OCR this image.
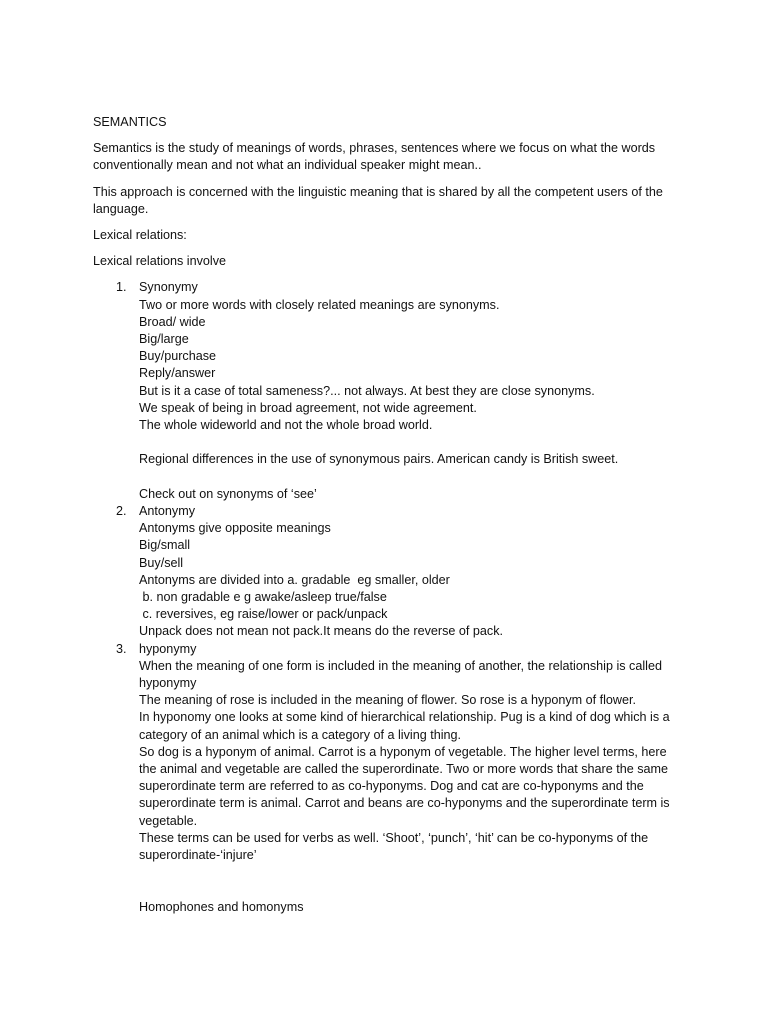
SEMANTICS

Semantics is the study of meanings of words, phrases, sentences where we focus on what the words conventionally mean and not what an individual speaker might mean..

This approach is concerned with the linguistic meaning that is shared by all the competent users of the language.

Lexical relations:

Lexical relations involve

1. Synonymy
Two or more words with closely related meanings are synonyms.
Broad/ wide
Big/large
Buy/purchase
Reply/answer
But is it a case of total sameness?... not always. At best they are close synonyms.
We speak of being in broad agreement, not wide agreement.
The whole wideworld and not the whole broad world.
Regional differences in the use of synonymous pairs. American candy is British sweet.
Check out on synonyms of ‘see’
2. Antonymy
Antonyms give opposite meanings
Big/small
Buy/sell
Antonyms are divided into a. gradable  eg smaller, older
b. non gradable e g awake/asleep true/false
c. reversives, eg raise/lower or pack/unpack
Unpack does not mean not pack.It means do the reverse of pack.
3. hyponymy
When the meaning of one form is included in the meaning of another, the relationship is called hyponymy
The meaning of rose is included in the meaning of flower. So rose is a hyponym of flower.
In hyponomy one looks at some kind of hierarchical relationship. Pug is a kind of dog which is a category of an animal which is a category of a living thing.
So dog is a hyponym of animal. Carrot is a hyponym of vegetable. The higher level terms, here the animal and vegetable are called the superordinate. Two or more words that share the same superordinate term are referred to as co-hyponyms. Dog and cat are co-hyponyms and the superordinate term is animal. Carrot and beans are co-hyponyms and the superordinate term is vegetable.
These terms can be used for verbs as well. ‘Shoot’, ‘punch’, ‘hit’ can be co-hyponyms of the superordinate-‘injure’
Homophones and homonyms
